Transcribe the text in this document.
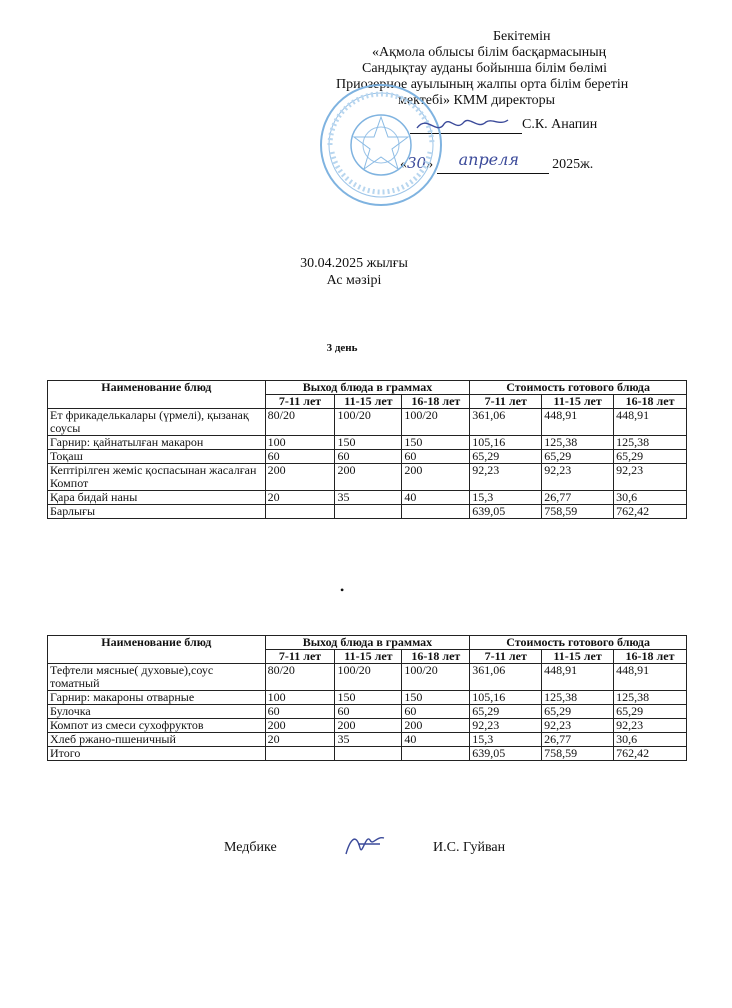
Бекітемін
«Ақмола облысы білім басқармасының
Сандықтау ауданы бойынша білім бөлімі
Приозерное ауылының жалпы орта білім беретін
мектебі» КММ директоры
С.К. Анапин
«30» апреля 2025ж.
30.04.2025 жылғы
Ас мәзірі
3 день
Наименование блюд	Выход блюда в граммах			Стоимость готового блюда		
	7-11 лет	11-15 лет	16-18 лет	7-11 лет	11-15 лет	16-18 лет
Ет фрикаделькалары (үрмелі), қызанақ соусы	80/20	100/20	100/20	361,06	448,91	448,91
Гарнир: қайнатылған макарон	100	150	150	105,16	125,38	125,38
Тоқаш	60	60	60	65,29	65,29	65,29
Кептірілген жеміс қоспасынан жасалған Компот	200	200	200	92,23	92,23	92,23
Қара бидай наны	20	35	40	15,3	26,77	30,6
Барлығы				639,05	758,59	762,42
•
Наименование блюд	Выход блюда в граммах			Стоимость готового блюда		
	7-11 лет	11-15 лет	16-18 лет	7-11 лет	11-15 лет	16-18 лет
Тефтели мясные( духовые),соус томатный	80/20	100/20	100/20	361,06	448,91	448,91
Гарнир: макароны отварные	100	150	150	105,16	125,38	125,38
Булочка	60	60	60	65,29	65,29	65,29
Компот из смеси сухофруктов	200	200	200	92,23	92,23	92,23
Хлеб ржано-пшеничный	20	35	40	15,3	26,77	30,6
Итого				639,05	758,59	762,42
Медбике	И.С. Гуйван
